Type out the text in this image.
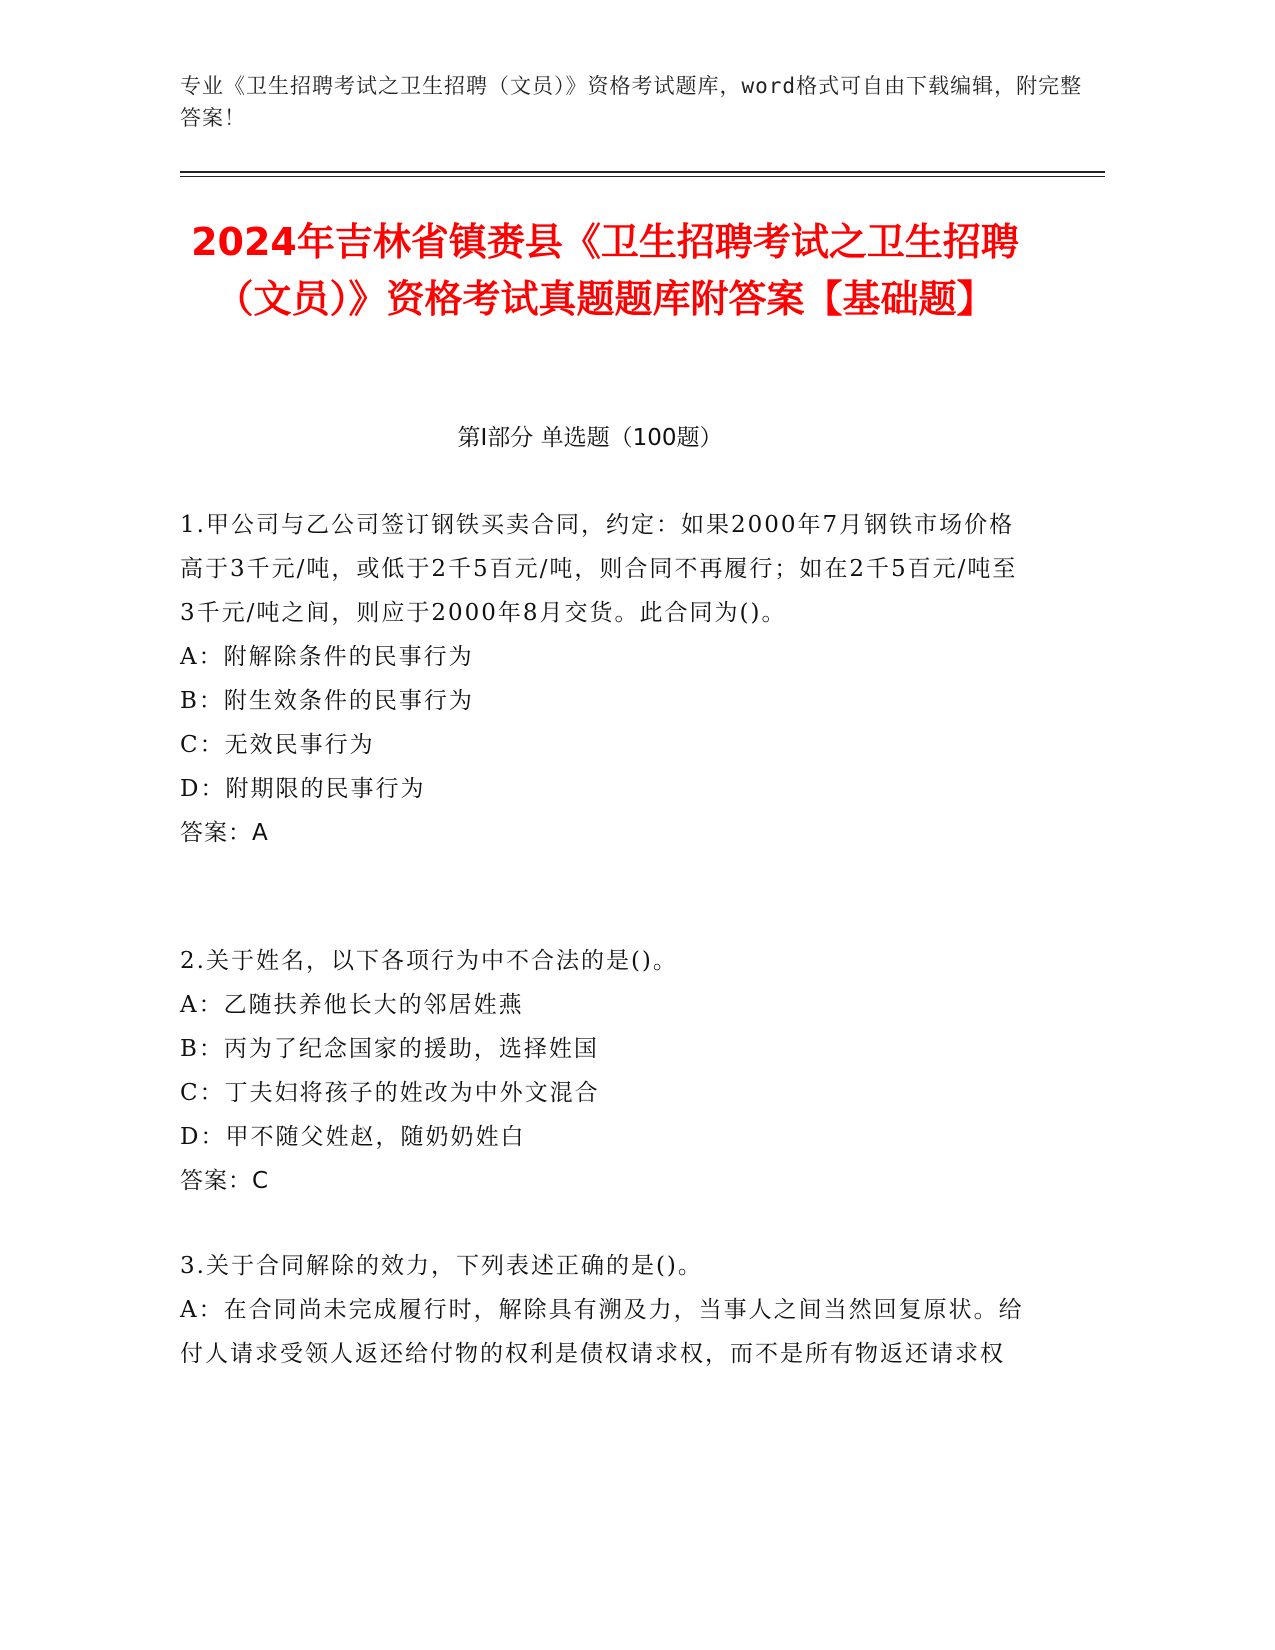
专业《卫生招聘考试之卫生招聘（文员）》资格考试题库，word格式可自由下载编辑，附完整答案！
2024年吉林省镇赉县《卫生招聘考试之卫生招聘（文员）》资格考试真题题库附答案【基础题】
第Ⅰ部分 单选题（100题）

1.甲公司与乙公司签订钢铁买卖合同，约定：如果2000年7月钢铁市场价格高于3千元/吨，或低于2千5百元/吨，则合同不再履行；如在2千5百元/吨至3千元/吨之间，则应于2000年8月交货。此合同为()。

A：附解除条件的民事行为

B：附生效条件的民事行为

C：无效民事行为

D：附期限的民事行为

答案：A

2.关于姓名，以下各项行为中不合法的是()。

A：乙随扶养他长大的邻居姓燕

B：丙为了纪念国家的援助，选择姓国

C：丁夫妇将孩子的姓改为中外文混合

D：甲不随父姓赵，随奶奶姓白

答案：C

3.关于合同解除的效力，下列表述正确的是()。

A：在合同尚未完成履行时，解除具有溯及力，当事人之间当然回复原状。给付人请求受领人返还给付物的权利是债权请求权，而不是所有物返还请求权
